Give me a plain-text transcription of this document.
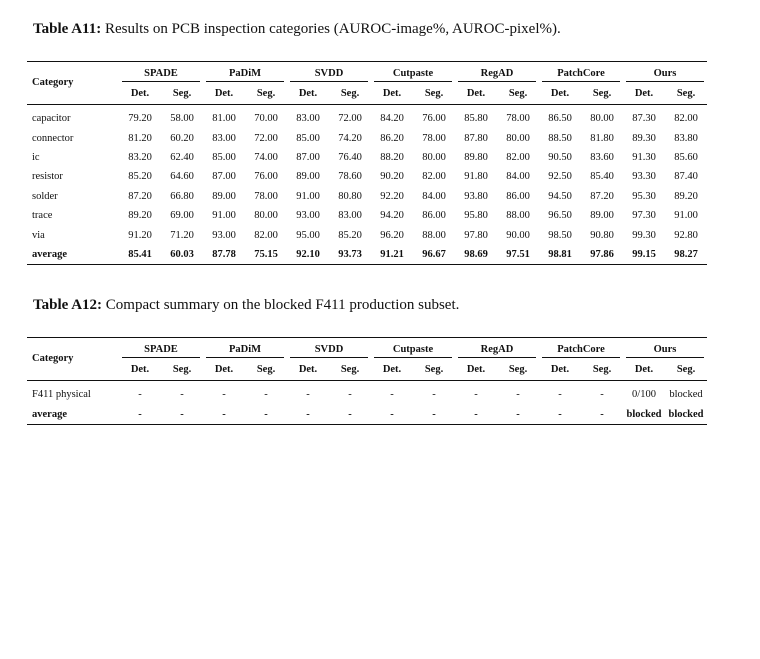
Table A11: Results on PCB inspection categories (AUROC-image%, AUROC-pixel%).
Category	SPADE		PaDiM		SVDD		Cutpaste		RegAD		PatchCore		Ours	
	Det.	Seg.	Det.	Seg.	Det.	Seg.	Det.	Seg.	Det.	Seg.	Det.	Seg.	Det.	Seg.
capacitor	79.20	58.00	81.00	70.00	83.00	72.00	84.20	76.00	85.80	78.00	86.50	80.00	87.30	82.00
connector	81.20	60.20	83.00	72.00	85.00	74.20	86.20	78.00	87.80	80.00	88.50	81.80	89.30	83.80
ic	83.20	62.40	85.00	74.00	87.00	76.40	88.20	80.00	89.80	82.00	90.50	83.60	91.30	85.60
resistor	85.20	64.60	87.00	76.00	89.00	78.60	90.20	82.00	91.80	84.00	92.50	85.40	93.30	87.40
solder	87.20	66.80	89.00	78.00	91.00	80.80	92.20	84.00	93.80	86.00	94.50	87.20	95.30	89.20
trace	89.20	69.00	91.00	80.00	93.00	83.00	94.20	86.00	95.80	88.00	96.50	89.00	97.30	91.00
via	91.20	71.20	93.00	82.00	95.00	85.20	96.20	88.00	97.80	90.00	98.50	90.80	99.30	92.80
average	85.41	60.03	87.78	75.15	92.10	93.73	91.21	96.67	98.69	97.51	98.81	97.86	99.15	98.27
Table A12: Compact summary on the blocked F411 production subset.
Category	SPADE		PaDiM		SVDD		Cutpaste		RegAD		PatchCore		Ours	
	Det.	Seg.	Det.	Seg.	Det.	Seg.	Det.	Seg.	Det.	Seg.	Det.	Seg.	Det.	Seg.
F411 physical	-	-	-	-	-	-	-	-	-	-	-	-	0/100	blocked
average	-	-	-	-	-	-	-	-	-	-	-	-	blocked	blocked
